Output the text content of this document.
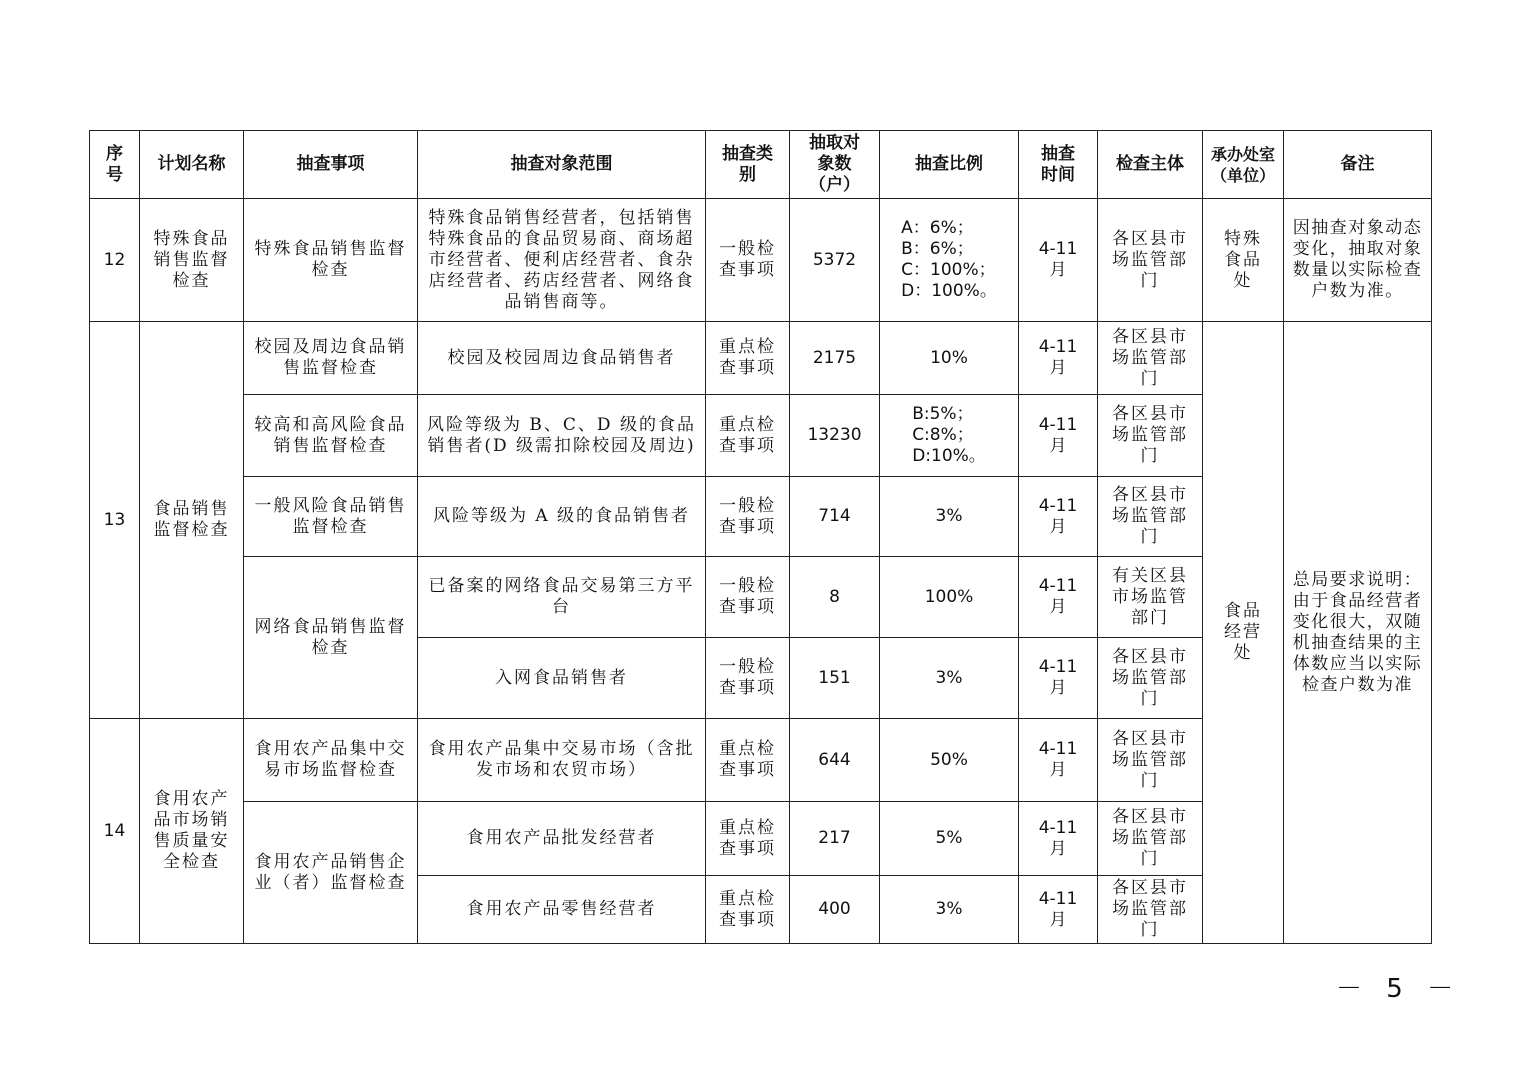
序号	计划名称	抽查事项	抽查对象范围	抽查类别	抽取对象数（户）	抽查比例	抽查时间	检查主体	承办处室（单位）	备注
12	特殊食品销售监督检查	特殊食品销售监督检查	特殊食品销售经营者，包括销售特殊食品的食品贸易商、商场超市经营者、便利店经营者、食杂店经营者、药店经营者、网络食品销售商等。	一般检查事项	5372	A：6%；
B：6%；
C：100%；
D：100%。	4-11月	各区县市场监管部门	特殊食品处	因抽查对象动态变化，抽取对象数量以实际检查户数为准。
13	食品销售监督检查	校园及周边食品销售监督检查	校园及校园周边食品销售者	重点检查事项	2175	10%	4-11月	各区县市场监管部门	食品经营处	总局要求说明：由于食品经营者变化很大，双随机抽查结果的主体数应当以实际检查户数为准
		较高和高风险食品销售监督检查	风险等级为 B、C、D 级的食品销售者(D 级需扣除校园及周边)	重点检查事项	13230	B:5%；
C:8%；
D:10%。	4-11月	各区县市场监管部门		
		一般风险食品销售监督检查	风险等级为 A 级的食品销售者	一般检查事项	714	3%	4-11月	各区县市场监管部门		
		网络食品销售监督检查	已备案的网络食品交易第三方平台	一般检查事项	8	100%	4-11月	有关区县市场监管部门		
			入网食品销售者	一般检查事项	151	3%	4-11月	各区县市场监管部门		
14	食用农产品市场销售质量安全检查	食用农产品集中交易市场监督检查	食用农产品集中交易市场（含批发市场和农贸市场）	重点检查事项	644	50%	4-11月	各区县市场监管部门		
		食用农产品销售企业（者）监督检查	食用农产品批发经营者	重点检查事项	217	5%	4-11月	各区县市场监管部门		
			食用农产品零售经营者	重点检查事项	400	3%	4-11月	各区县市场监管部门		
－ 5 －
